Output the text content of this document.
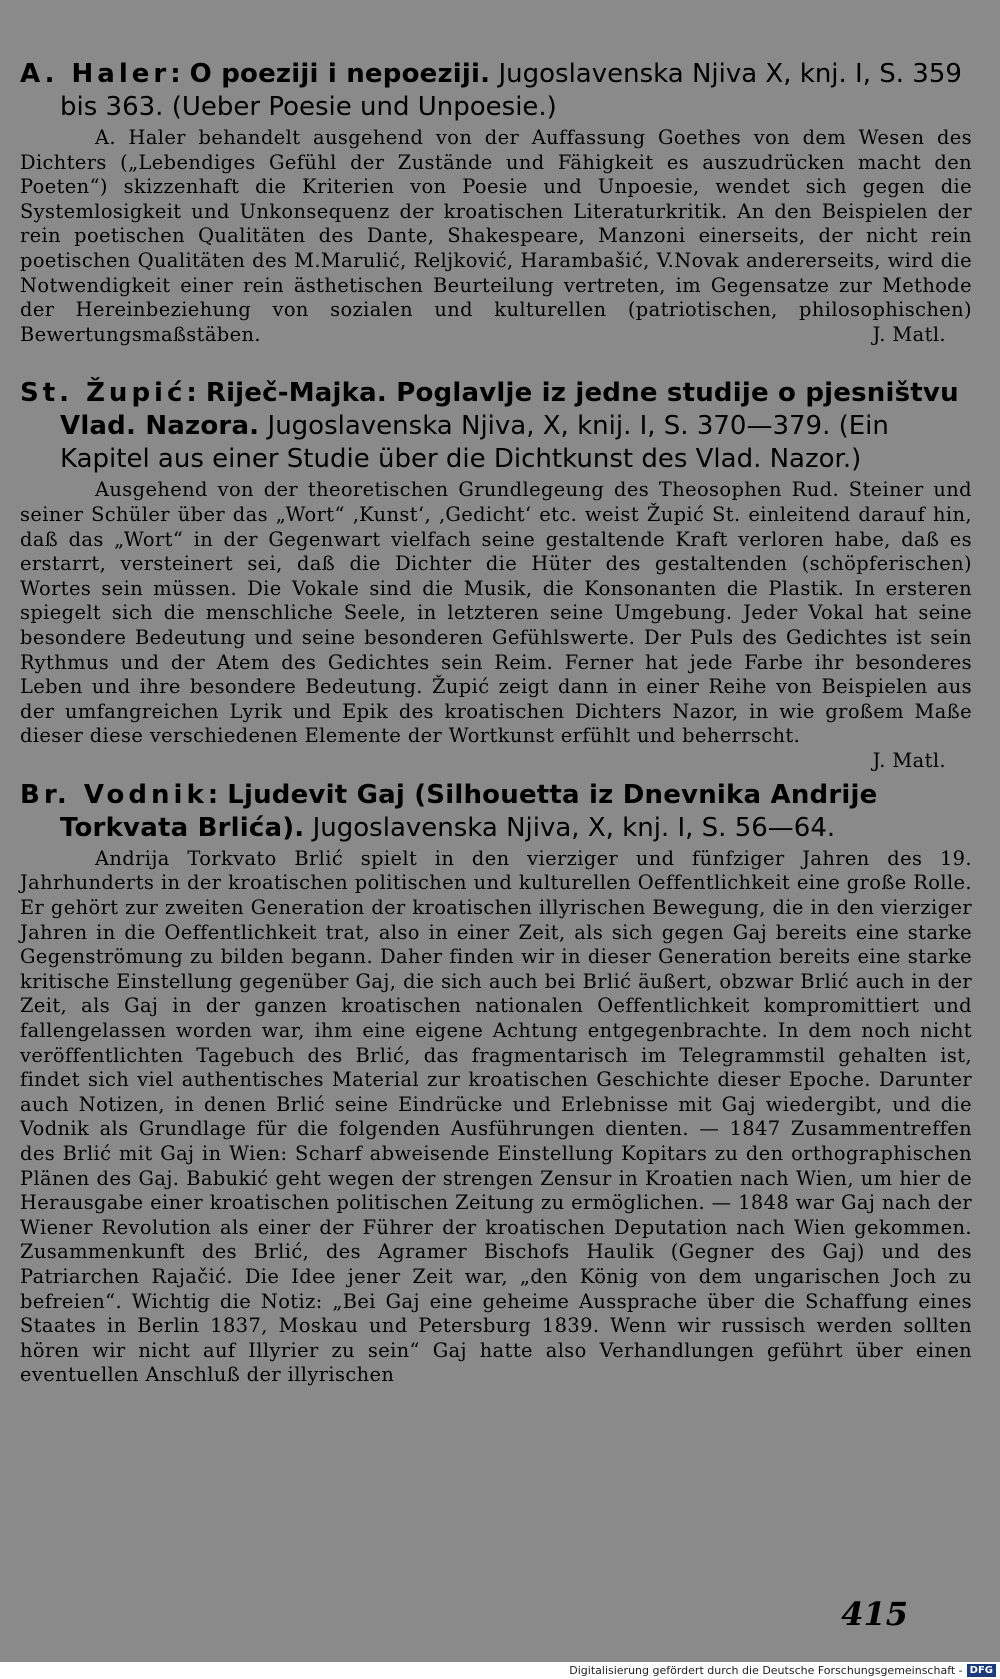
A. Haler: O poeziji i nepoeziji. Jugoslavenska Njiva X, knj. I, S. 359 bis 363. (Ueber Poesie und Unpoesie.)

A. Haler behandelt ausgehend von der Auffassung Goethes von dem Wesen des Dichters („Lebendiges Gefühl der Zustände und Fähigkeit es auszudrücken macht den Poeten“) skizzenhaft die Kriterien von Poesie und Unpoesie, wendet sich gegen die Systemlosigkeit und Unkonsequenz der kroatischen Literaturkritik. An den Beispielen der rein poetischen Qualitäten des Dante, Shakespeare, Manzoni einerseits, der nicht rein poetischen Qualitäten des M.Marulić, Reljković, Harambašić, V.Novak andererseits, wird die Notwendigkeit einer rein ästhetischen Beurteilung vertreten, im Gegensatze zur Methode der Hereinbeziehung von sozialen und kulturellen (patriotischen, philosophischen) Bewertungsmaßstäben.	J. Matl.

St. Župić: Riječ-Majka. Poglavlje iz jedne studije o pjesništvu Vlad. Nazora. Jugoslavenska Njiva, X, knij. I, S. 370—379. (Ein Kapitel aus einer Studie über die Dichtkunst des Vlad. Nazor.)

Ausgehend von der theoretischen Grundlegeung des Theosophen Rud. Steiner und seiner Schüler über das „Wort“ ‚Kunst‘, ‚Gedicht‘ etc. weist Župić St. einleitend darauf hin, daß das „Wort“ in der Gegenwart vielfach seine gestaltende Kraft verloren habe, daß es erstarrt, versteinert sei, daß die Dichter die Hüter des gestaltenden (schöpferischen) Wortes sein müssen. Die Vokale sind die Musik, die Konsonanten die Plastik. In ersteren spiegelt sich die menschliche Seele, in letzteren seine Umgebung. Jeder Vokal hat seine besondere Bedeutung und seine besonderen Gefühlswerte. Der Puls des Gedichtes ist sein Rythmus und der Atem des Gedichtes sein Reim. Ferner hat jede Farbe ihr besonderes Leben und ihre besondere Bedeutung. Župić zeigt dann in einer Reihe von Beispielen aus der umfangreichen Lyrik und Epik des kroatischen Dichters Nazor, in wie großem Maße dieser diese verschiedenen Elemente der Wortkunst erfühlt und beherrscht.
J. Matl.

Br. Vodnik: Ljudevit Gaj (Silhouetta iz Dnevnika Andrije Torkvata Brlića). Jugoslavenska Njiva, X, knj. I, S. 56—64.

Andrija Torkvato Brlić spielt in den vierziger und fünfziger Jahren des 19. Jahrhunderts in der kroatischen politischen und kulturellen Oeffentlichkeit eine große Rolle. Er gehört zur zweiten Generation der kroatischen illyrischen Bewegung, die in den vierziger Jahren in die Oeffentlichkeit trat, also in einer Zeit, als sich gegen Gaj bereits eine starke Gegenströmung zu bilden begann. Daher finden wir in dieser Generation bereits eine starke kritische Einstellung gegenüber Gaj, die sich auch bei Brlić äußert, obzwar Brlić auch in der Zeit, als Gaj in der ganzen kroatischen nationalen Oeffentlichkeit kompromittiert und fallengelassen worden war, ihm eine eigene Achtung entgegenbrachte. In dem noch nicht veröffentlichten Tagebuch des Brlić, das fragmentarisch im Telegrammstil gehalten ist, findet sich viel authentisches Material zur kroatischen Geschichte dieser Epoche. Darunter auch Notizen, in denen Brlić seine Eindrücke und Erlebnisse mit Gaj wiedergibt, und die Vodnik als Grundlage für die folgenden Ausführungen dienten. — 1847 Zusammentreffen des Brlić mit Gaj in Wien: Scharf abweisende Einstellung Kopitars zu den orthographischen Plänen des Gaj. Babukić geht wegen der strengen Zensur in Kroatien nach Wien, um hier de Herausgabe einer kroatischen politischen Zeitung zu ermöglichen. — 1848 war Gaj nach der Wiener Revolution als einer der Führer der kroatischen Deputation nach Wien gekommen. Zusammenkunft des Brlić, des Agramer Bischofs Haulik (Gegner des Gaj) und des Patriarchen Rajačić. Die Idee jener Zeit war, „den König von dem ungarischen Joch zu befreien“. Wichtig die Notiz: „Bei Gaj eine geheime Aussprache über die Schaffung eines Staates in Berlin 1837, Moskau und Petersburg 1839. Wenn wir russisch werden sollten hören wir nicht auf Illyrier zu sein“ Gaj hatte also Verhandlungen geführt über einen eventuellen Anschluß der illyrischen

415
Digitalisierung gefördert durch die Deutsche Forschungsgemeinschaft - DFG
